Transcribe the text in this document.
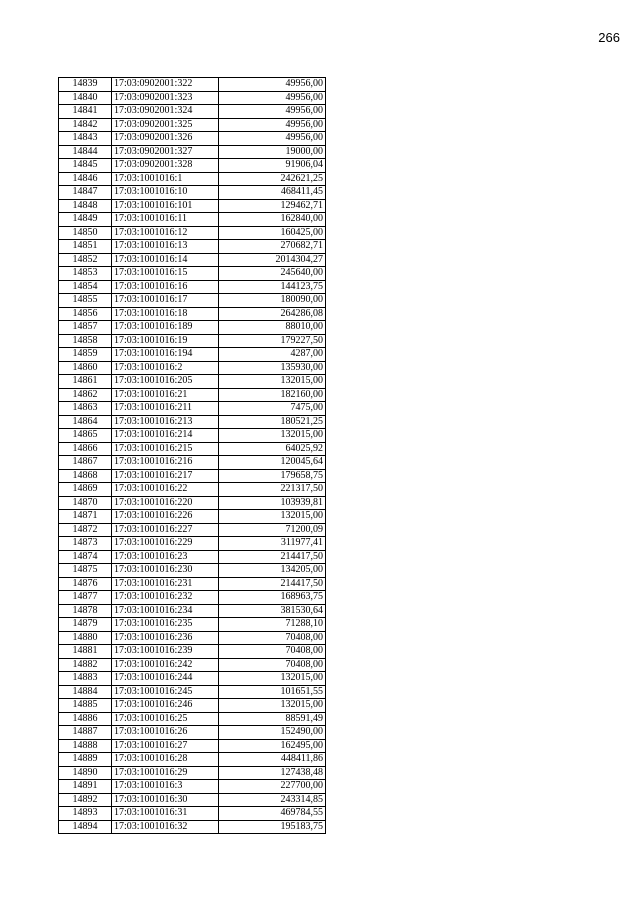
266
14839	17:03:0902001:322	49956,00
14840	17:03:0902001:323	49956,00
14841	17:03:0902001:324	49956,00
14842	17:03:0902001:325	49956,00
14843	17:03:0902001:326	49956,00
14844	17:03:0902001:327	19000,00
14845	17:03:0902001:328	91906,04
14846	17:03:1001016:1	242621,25
14847	17:03:1001016:10	468411,45
14848	17:03:1001016:101	129462,71
14849	17:03:1001016:11	162840,00
14850	17:03:1001016:12	160425,00
14851	17:03:1001016:13	270682,71
14852	17:03:1001016:14	2014304,27
14853	17:03:1001016:15	245640,00
14854	17:03:1001016:16	144123,75
14855	17:03:1001016:17	180090,00
14856	17:03:1001016:18	264286,08
14857	17:03:1001016:189	88010,00
14858	17:03:1001016:19	179227,50
14859	17:03:1001016:194	4287,00
14860	17:03:1001016:2	135930,00
14861	17:03:1001016:205	132015,00
14862	17:03:1001016:21	182160,00
14863	17:03:1001016:211	7475,00
14864	17:03:1001016:213	180521,25
14865	17:03:1001016:214	132015,00
14866	17:03:1001016:215	64025,92
14867	17:03:1001016:216	120045,64
14868	17:03:1001016:217	179658,75
14869	17:03:1001016:22	221317,50
14870	17:03:1001016:220	103939,81
14871	17:03:1001016:226	132015,00
14872	17:03:1001016:227	71200,09
14873	17:03:1001016:229	311977,41
14874	17:03:1001016:23	214417,50
14875	17:03:1001016:230	134205,00
14876	17:03:1001016:231	214417,50
14877	17:03:1001016:232	168963,75
14878	17:03:1001016:234	381530,64
14879	17:03:1001016:235	71288,10
14880	17:03:1001016:236	70408,00
14881	17:03:1001016:239	70408,00
14882	17:03:1001016:242	70408,00
14883	17:03:1001016:244	132015,00
14884	17:03:1001016:245	101651,55
14885	17:03:1001016:246	132015,00
14886	17:03:1001016:25	88591,49
14887	17:03:1001016:26	152490,00
14888	17:03:1001016:27	162495,00
14889	17:03:1001016:28	448411,86
14890	17:03:1001016:29	127438,48
14891	17:03:1001016:3	227700,00
14892	17:03:1001016:30	243314,85
14893	17:03:1001016:31	469784,55
14894	17:03:1001016:32	195183,75
